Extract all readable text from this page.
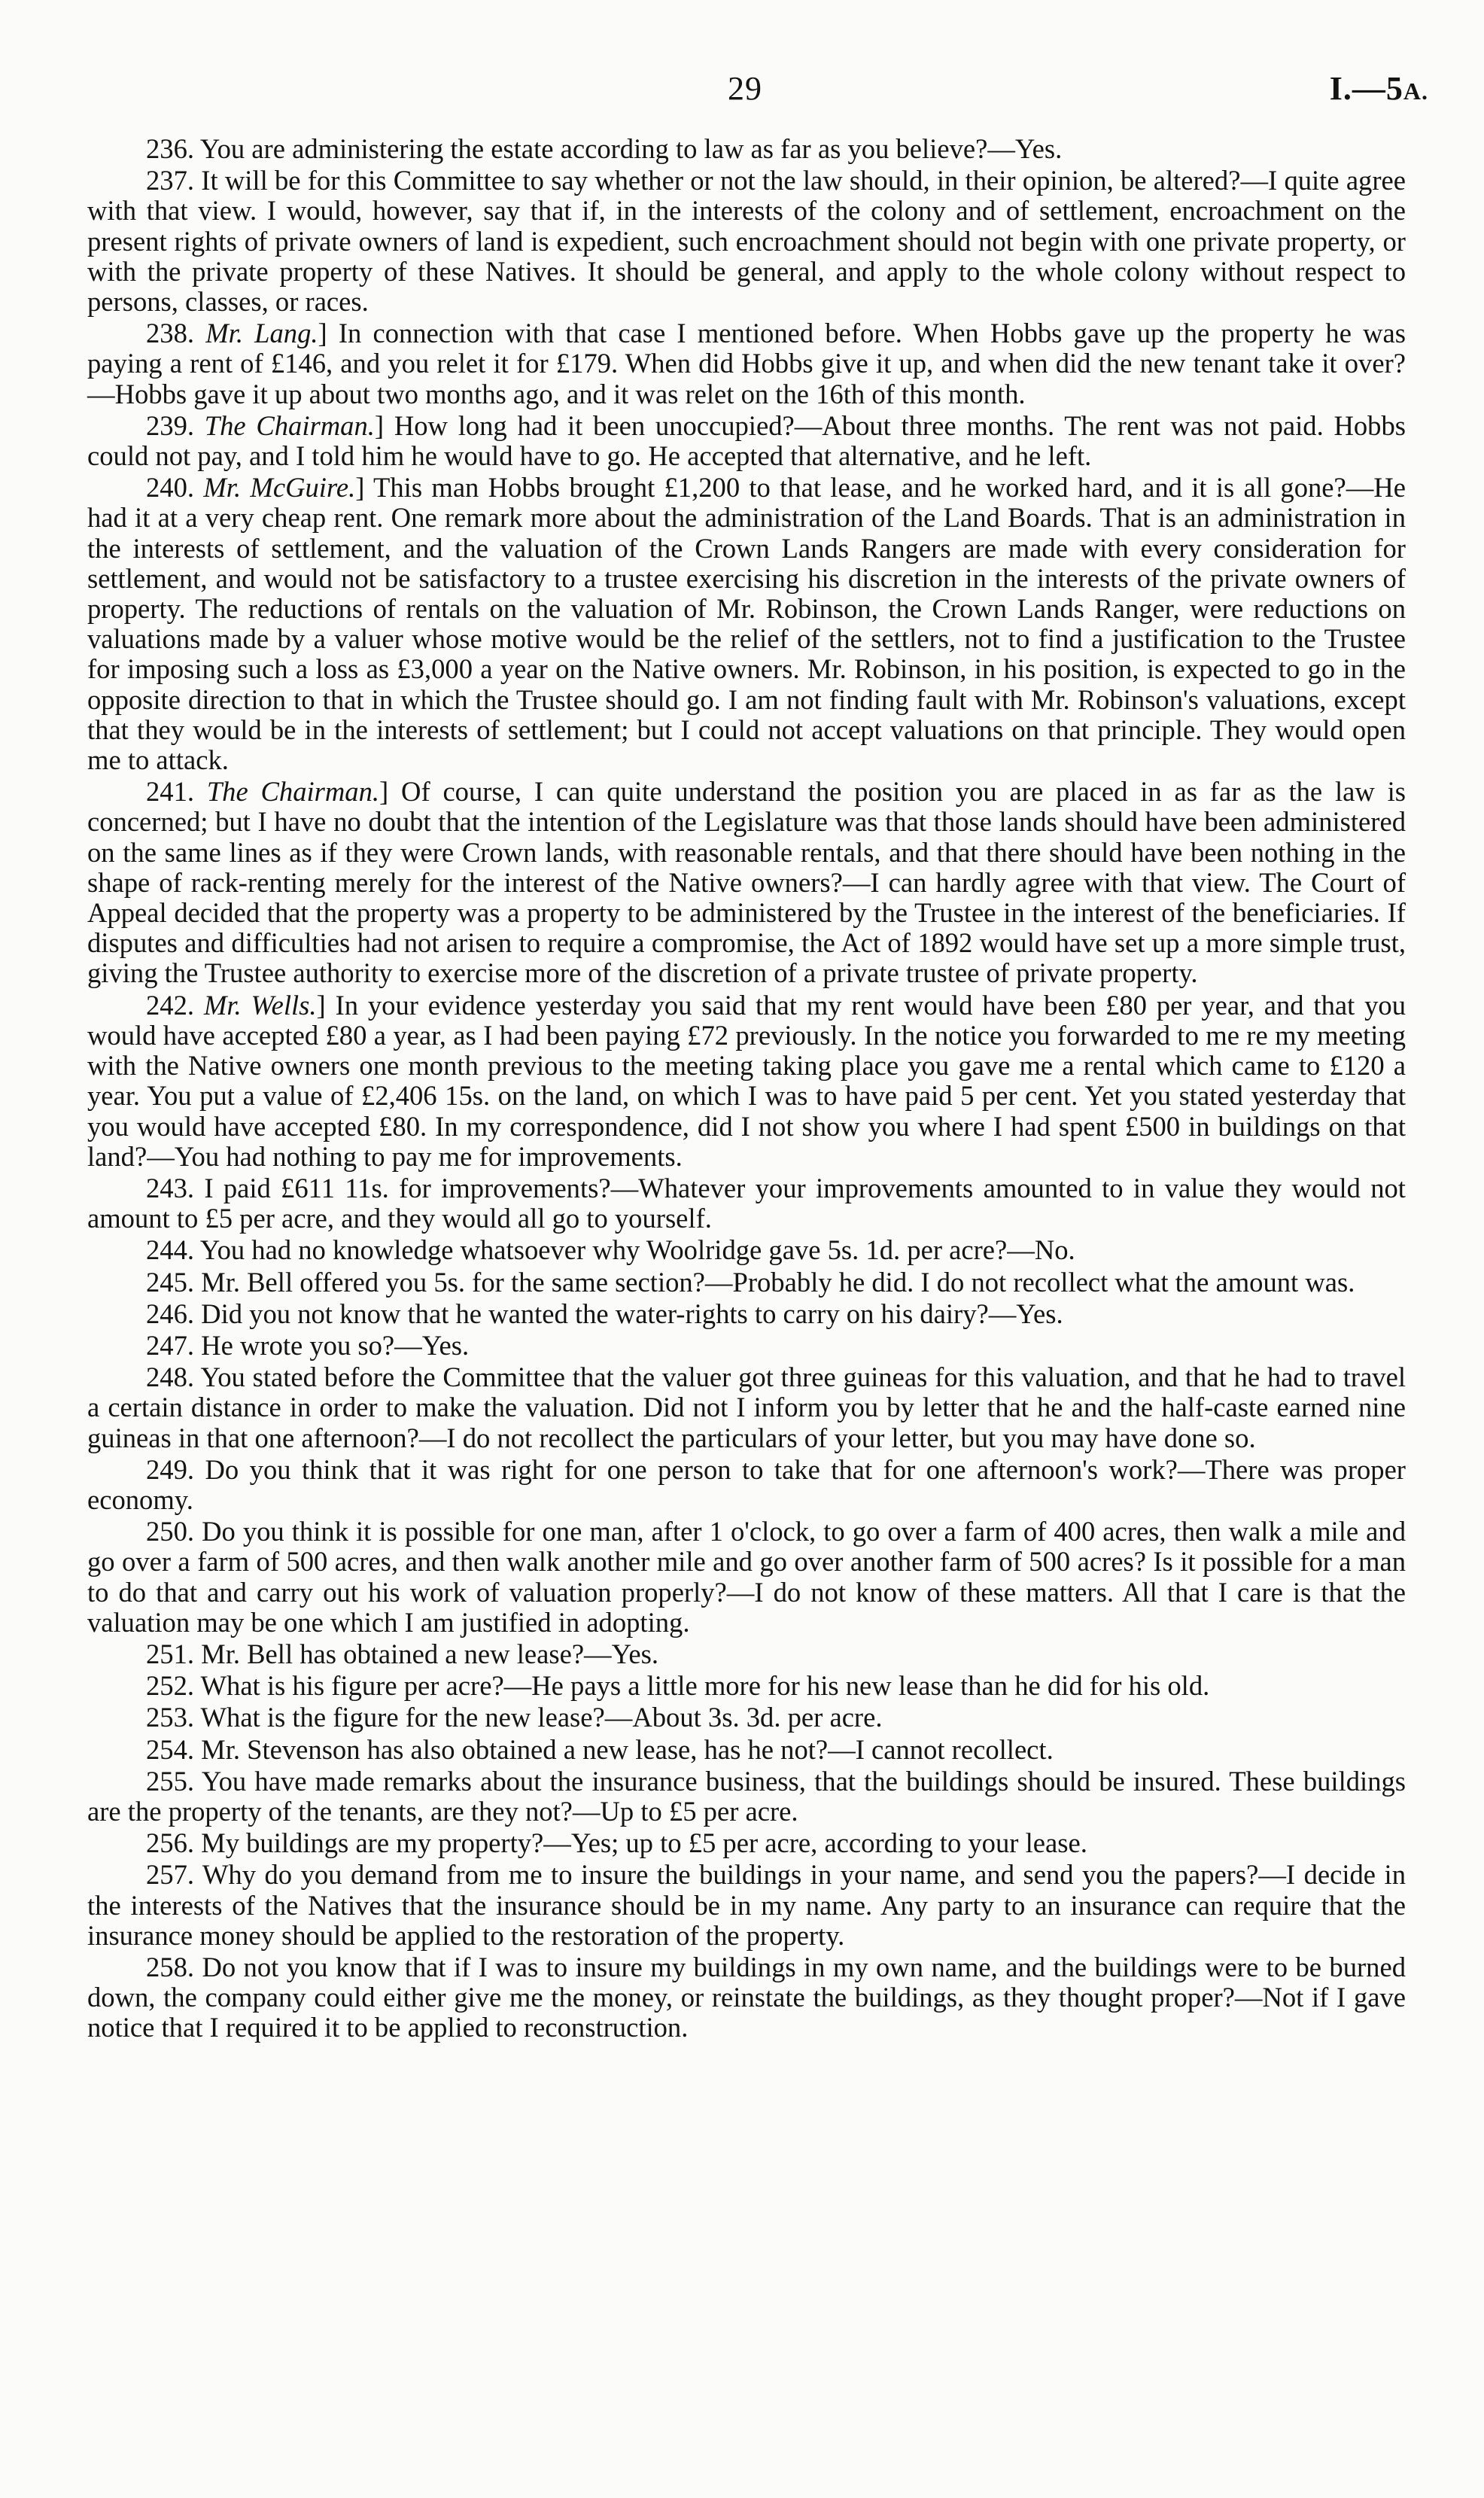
29	I.—5A.

236. You are administering the estate according to law as far as you believe?—Yes.

237. It will be for this Committee to say whether or not the law should, in their opinion, be altered?—I quite agree with that view. I would, however, say that if, in the interests of the colony and of settlement, encroachment on the present rights of private owners of land is expedient, such encroachment should not begin with one private property, or with the private property of these Natives. It should be general, and apply to the whole colony without respect to persons, classes, or races.

238. Mr. Lang.] In connection with that case I mentioned before. When Hobbs gave up the property he was paying a rent of £146, and you relet it for £179. When did Hobbs give it up, and when did the new tenant take it over?—Hobbs gave it up about two months ago, and it was relet on the 16th of this month.

239. The Chairman.] How long had it been unoccupied?—About three months. The rent was not paid. Hobbs could not pay, and I told him he would have to go. He accepted that alternative, and he left.

240. Mr. McGuire.] This man Hobbs brought £1,200 to that lease, and he worked hard, and it is all gone?—He had it at a very cheap rent. One remark more about the administration of the Land Boards. That is an administration in the interests of settlement, and the valuation of the Crown Lands Rangers are made with every consideration for settlement, and would not be satisfactory to a trustee exercising his discretion in the interests of the private owners of property. The reductions of rentals on the valuation of Mr. Robinson, the Crown Lands Ranger, were reductions on valuations made by a valuer whose motive would be the relief of the settlers, not to find a justification to the Trustee for imposing such a loss as £3,000 a year on the Native owners. Mr. Robinson, in his position, is expected to go in the opposite direction to that in which the Trustee should go. I am not finding fault with Mr. Robinson's valuations, except that they would be in the interests of settlement; but I could not accept valuations on that principle. They would open me to attack.

241. The Chairman.] Of course, I can quite understand the position you are placed in as far as the law is concerned; but I have no doubt that the intention of the Legislature was that those lands should have been administered on the same lines as if they were Crown lands, with reasonable rentals, and that there should have been nothing in the shape of rack-renting merely for the interest of the Native owners?—I can hardly agree with that view. The Court of Appeal decided that the property was a property to be administered by the Trustee in the interest of the beneficiaries. If disputes and difficulties had not arisen to require a compromise, the Act of 1892 would have set up a more simple trust, giving the Trustee authority to exercise more of the discretion of a private trustee of private property.

242. Mr. Wells.] In your evidence yesterday you said that my rent would have been £80 per year, and that you would have accepted £80 a year, as I had been paying £72 previously. In the notice you forwarded to me re my meeting with the Native owners one month previous to the meeting taking place you gave me a rental which came to £120 a year. You put a value of £2,406 15s. on the land, on which I was to have paid 5 per cent. Yet you stated yesterday that you would have accepted £80. In my correspondence, did I not show you where I had spent £500 in buildings on that land?—You had nothing to pay me for improvements.

243. I paid £611 11s. for improvements?—Whatever your improvements amounted to in value they would not amount to £5 per acre, and they would all go to yourself.

244. You had no knowledge whatsoever why Woolridge gave 5s. 1d. per acre?—No.

245. Mr. Bell offered you 5s. for the same section?—Probably he did. I do not recollect what the amount was.

246. Did you not know that he wanted the water-rights to carry on his dairy?—Yes.

247. He wrote you so?—Yes.

248. You stated before the Committee that the valuer got three guineas for this valuation, and that he had to travel a certain distance in order to make the valuation. Did not I inform you by letter that he and the half-caste earned nine guineas in that one afternoon?—I do not recollect the particulars of your letter, but you may have done so.

249. Do you think that it was right for one person to take that for one afternoon's work?—There was proper economy.

250. Do you think it is possible for one man, after 1 o'clock, to go over a farm of 400 acres, then walk a mile and go over a farm of 500 acres, and then walk another mile and go over another farm of 500 acres? Is it possible for a man to do that and carry out his work of valuation properly?—I do not know of these matters. All that I care is that the valuation may be one which I am justified in adopting.

251. Mr. Bell has obtained a new lease?—Yes.

252. What is his figure per acre?—He pays a little more for his new lease than he did for his old.

253. What is the figure for the new lease?—About 3s. 3d. per acre.

254. Mr. Stevenson has also obtained a new lease, has he not?—I cannot recollect.

255. You have made remarks about the insurance business, that the buildings should be insured. These buildings are the property of the tenants, are they not?—Up to £5 per acre.

256. My buildings are my property?—Yes; up to £5 per acre, according to your lease.

257. Why do you demand from me to insure the buildings in your name, and send you the papers?—I decide in the interests of the Natives that the insurance should be in my name. Any party to an insurance can require that the insurance money should be applied to the restoration of the property.

258. Do not you know that if I was to insure my buildings in my own name, and the buildings were to be burned down, the company could either give me the money, or reinstate the buildings, as they thought proper?—Not if I gave notice that I required it to be applied to reconstruction.
